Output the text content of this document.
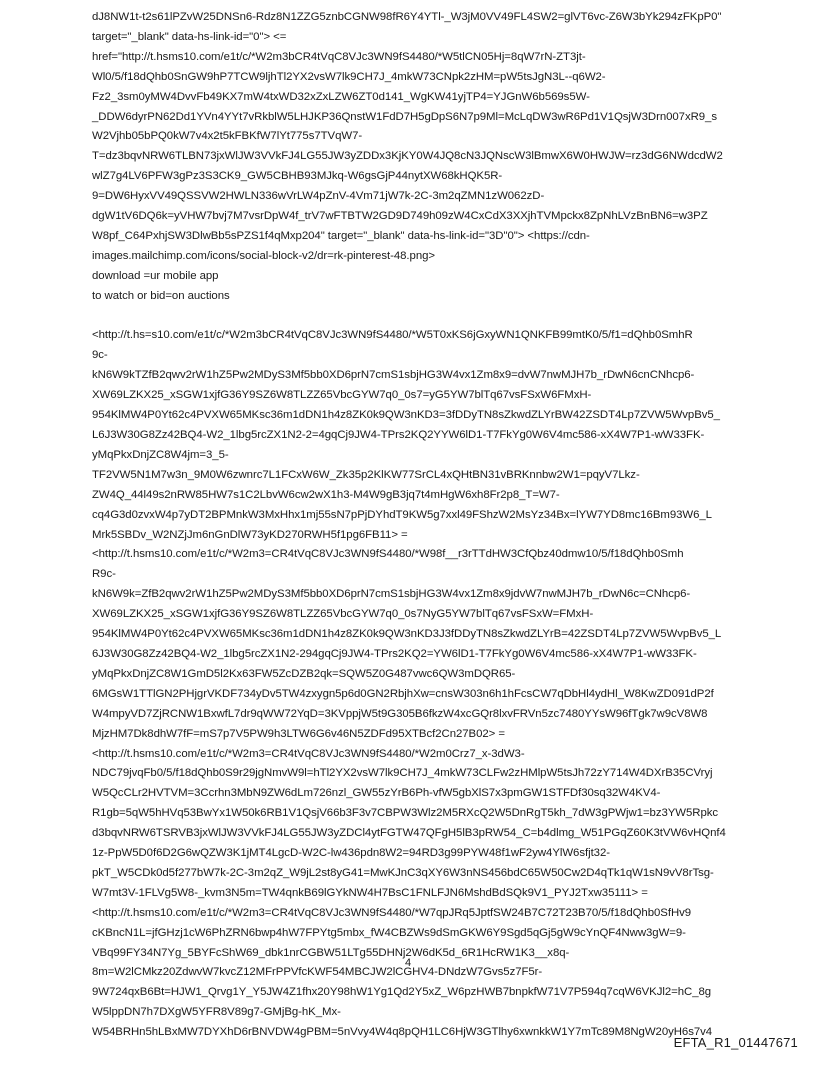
dJ8NW1t-t2s61lPZvW25DNSn6-Rdz8N1ZZG5znbCGNW98fR6Y4YTl-_W3jM0VV49FL4SW2=glVT6vc-Z6W3bYk294zFKpP0"
target="_blank" data-hs-link-id="0"> <=
href="http://t.hsms10.com/e1t/c/*W2m3bCR4tVqC8VJc3WN9fS4480/*W5tlCN05Hj=8qW7rN-ZT3jt-
Wl0/5/f18dQhb0SnGW9hP7TCW9ljhTl2YX2vsW7lk9CH7J_4mkW73CNpk2zHM=pW5tsJgN3L--q6W2-
Fz2_3sm0yMW4DvvFb49KX7mW4txWD32xZxLZW6ZT0d141_WgKW41yjTP4=YJGnW6b569s5W-
_DDW6dyrPN62Dd1YVn4YYt7vRkblW5LHJKP36QnstW1FdD7H5gDpS6N7p9Ml=McLqDW3wR6Pd1V1QsjW3Drn007xR9_s
W2Vjhb05bPQ0kW7v4x2t5kFBKfW7lYt775s7TVqW7-
T=dz3bqvNRW6TLBN73jxWlJW3VVkFJ4LG55JW3yZDDx3KjKY0W4JQ8cN3JQNscW3lBmwX6W0HWJW=rz3dG6NWdcdW2
wlZ7g4LV6PFW3gPz3S3CK9_GW5CBHB93MJkq-W6gsGjP44nytXW68kHQK5R-
9=DW6HyxVV49QSSVW2HWLN336wVrLW4pZnV-4Vm71jW7k-2C-3m2qZMN1zW062zD-
dgW1tV6DQ6k=yVHW7bvj7M7vsrDpW4f_trV7wFTBTW2GD9D749h09zW4CxCdX3XXjhTVMpckx8ZpNhLVzBnBN6=w3PZ
W8pf_C64PxhjSW3DlwBb5sPZS1f4qMxp204" target="_blank" data-hs-link-id="3D"0"> <https://cdn-
images.mailchimp.com/icons/social-block-v2/dr=rk-pinterest-48.png>
download =ur mobile app
to watch or bid=on auctions
<http://t.hs=s10.com/e1t/c/*W2m3bCR4tVqC8VJc3WN9fS4480/*W5T0xKS6jGxyWN1QNKFB99mtK0/5/f1=dQhb0SmhR
9c-
kN6W9kTZfB2qwv2rW1hZ5Pw2MDyS3Mf5bb0XD6prN7cmS1sbjHG3W4vx1Zm8x9=dvW7nwMJH7b_rDwN6cnCNhcp6-
XW69LZKX25_xSGW1xjfG36Y9SZ6W8TLZZ65VbcGYW7q0_0s7=yG5YW7blTq67vsFSxW6FMxH-
954KlMW4P0Yt62c4PVXW65MKsc36m1dDN1h4z8ZK0k9QW3nKD3=3fDDyTN8sZkwdZLYrBW42ZSDT4Lp7ZVW5WvpBv5_
L6J3W30G8Zz42BQ4-W2_1lbg5rcZX1N2-2=4gqCj9JW4-TPrs2KQ2YYW6lD1-T7FkYg0W6V4mc586-xX4W7P1-wW33FK-
yMqPkxDnjZC8W4jm=3_5-
TF2VW5N1M7w3n_9M0W6zwnrc7L1FCxW6W_Zk35p2KlKW77SrCL4xQHtBN31vBRKnnbw2W1=pqyV7Lkz-
ZW4Q_44l49s2nRW85HW7s1C2LbvW6cw2wX1h3-M4W9gB3jq7t4mHgW6xh8Fr2p8_T=W7-
cq4G3d0zvxW4p7yDT2BPMnkW3MxHhx1mj55sN7pPjDYhdT9KW5g7xxl49FShzW2MsYz34Bx=lYW7YD8mc16Bm93W6_L
Mrk5SBDv_W2NZjJm6nGnDlW73yKD270RWH5f1pg6FB11> =
<http://t.hsms10.com/e1t/c/*W2m3=CR4tVqC8VJc3WN9fS4480/*W98f__r3rTTdHW3CfQbz40dmw10/5/f18dQhb0Smh
R9c-
kN6W9k=ZfB2qwv2rW1hZ5Pw2MDyS3Mf5bb0XD6prN7cmS1sbjHG3W4vx1Zm8x9jdvW7nwMJH7b_rDwN6c=CNhcp6-
XW69LZKX25_xSGW1xjfG36Y9SZ6W8TLZZ65VbcGYW7q0_0s7NyG5YW7blTq67vsFSxW=FMxH-
954KlMW4P0Yt62c4PVXW65MKsc36m1dDN1h4z8ZK0k9QW3nKD3J3fDDyTN8sZkwdZLYrB=42ZSDT4Lp7ZVW5WvpBv5_L
6J3W30G8Zz42BQ4-W2_1lbg5rcZX1N2-294gqCj9JW4-TPrs2KQ2=YW6lD1-T7FkYg0W6V4mc586-xX4W7P1-wW33FK-
yMqPkxDnjZC8W1GmD5l2Kx63FW5ZcDZB2qk=SQW5Z0G487vwc6QW3mDQR65-
6MGsW1TTlGN2PHjgrVKDF734yDv5TW4zxygn5p6d0GN2RbjhXw=cnsW303n6h1hFcsCW7qDbHl4ydHl_W8KwZD091dP2f
W4mpyVD7ZjRCNW1BxwfL7dr9qWW72YqD=3KVppjW5t9G305B6fkzW4xcGQr8lxvFRVn5zc7480YYsW96fTgk7w9cV8W8
MjzHM7Dk8dhW7fF=mS7p7V5PW9h3LTW6G6v46N5ZDFd95XTBcf2Cn27B02> =
<http://t.hsms10.com/e1t/c/*W2m3=CR4tVqC8VJc3WN9fS4480/*W2m0Crz7_x-3dW3-
NDC79jvqFb0/5/f18dQhb0S9r29jgNmvW9l=hTl2YX2vsW7lk9CH7J_4mkW73CLFw2zHMlpW5tsJh72zY714W4DXrB35CVryj
W5QcCLr2HVTVM=3Ccrhn3MbN9ZW6dLm726nzl_GW55zYrB6Ph-vfW5gbXlS7x3pmGW1STFDf30sq32W4KV4-
R1gb=5qW5hHVq53BwYx1W50k6RB1V1QsjV66b3F3v7CBPW3Wlz2M5RXcQ2W5DnRgT5kh_7dW3gPWjw1=bz3YW5Rpkc
d3bqvNRW6TSRVB3jxWlJW3VVkFJ4LG55JW3yZDCl4ytFGTW47QFgH5lB3pRW54_C=b4dlmg_W51PGqZ60K3tVW6vHQnf4
1z-PpW5D0f6D2G6wQZW3K1jMT4LgcD-W2C-lw436pdn8W2=94RD3g99PYW48f1wF2yw4YlW6sfjt32-
pkT_W5CDk0d5f277bW7k-2C-3m2qZ_W9jL2st8yG41=MwKJnC3qXY6W3nNS456bdC65W50Cw2D4qTk1qW1sN9vV8rTsg-
W7mt3V-1FLVg5W8-_kvm3N5m=TW4qnkB69lGYkNW4H7BsC1FNLFJN6MshdBdSQk9V1_PYJ2Txw35111> =
<http://t.hsms10.com/e1t/c/*W2m3=CR4tVqC8VJc3WN9fS4480/*W7qpJRq5JptfSW24B7C72T23B70/5/f18dQhb0SfHv9
cKBncN1L=jfGHzj1cW6PhZRN6bwp4hW7FPYtg5mbx_fW4CBZWs9dSmGKW6Y9Sgd5qGj5gW9cYnQF4Nww3gW=9-
VBq99FY34N7Yg_5BYFcShW69_dbk1nrCGBW51LTg55DHNj2W6dK5d_6R1HcRW1K3__x8q-
8m=W2lCMkz20ZdwvW7kvcZ12MFrPPVfcKWF54MBCJW2lCGHV4-DNdzW7Gvs5z7F5r-
9W724qxB6Bt=HJW1_Qrvg1Y_Y5JW4Z1fhx20Y98hW1Yg1Qd2Y5xZ_W6pzHWB7bnpkfW71V7P594q7cqW6VKJl2=hC_8g
W5lppDN7h7DXgW5YFR8V89g7-GMjBg-hK_Mx-
W54BRHn5hLBxMW7DYXhD6rBNVDW4gPBM=5nVvy4W4q8pQH1LC6HjW3GTlhy6xwnkkW1Y7mTc89M8NgW20yH6s7v4
4
EFTA_R1_01447671
